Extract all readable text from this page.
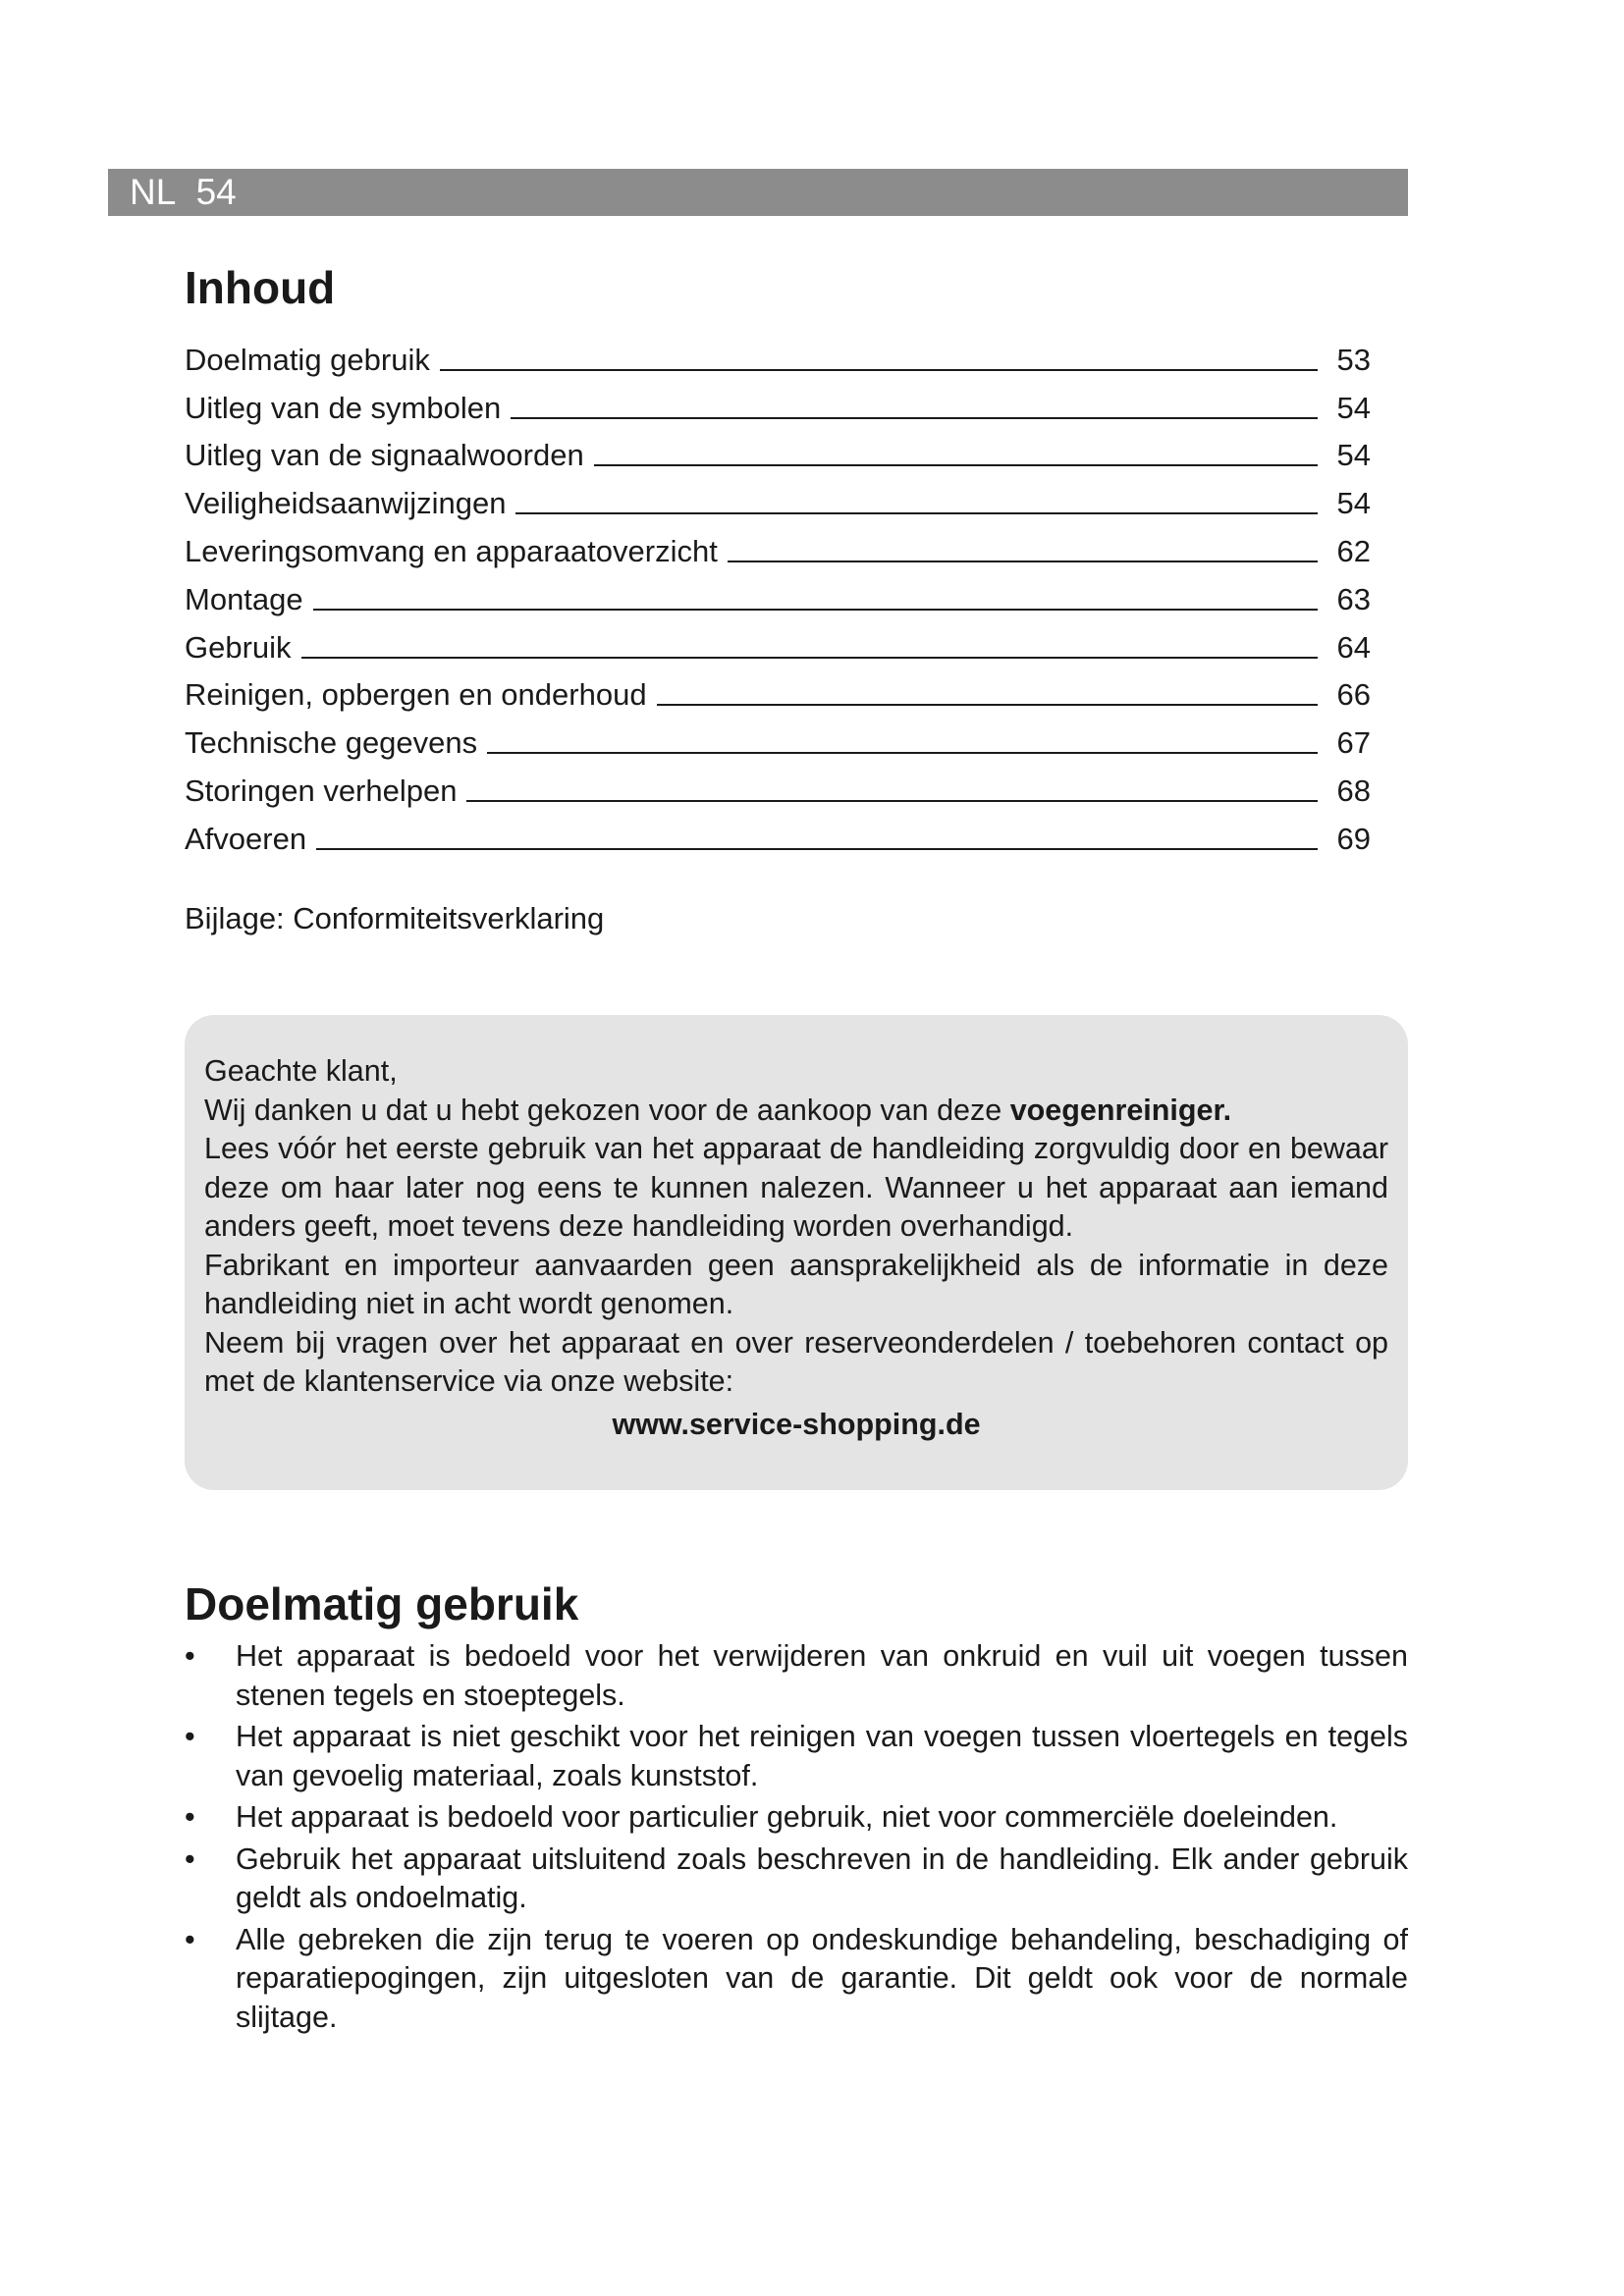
NL 54
Inhoud
Doelmatig gebruik	53
Uitleg van de symbolen	54
Uitleg van de signaalwoorden	54
Veiligheidsaanwijzingen	54
Leveringsomvang en apparaatoverzicht	62
Montage	63
Gebruik	64
Reinigen, opbergen en onderhoud	66
Technische gegevens	67
Storingen verhelpen	68
Afvoeren	69

Bijlage: Conformiteitsverklaring

Geachte klant,

Wij danken u dat u hebt gekozen voor de aankoop van deze voegenreiniger.

Lees vóór het eerste gebruik van het apparaat de handleiding zorgvuldig door en bewaar deze om haar later nog eens te kunnen nalezen. Wanneer u het apparaat aan iemand anders geeft, moet tevens deze handleiding worden overhandigd.

Fabrikant en importeur aanvaarden geen aansprakelijkheid als de informatie in deze handleiding niet in acht wordt genomen.

Neem bij vragen over het apparaat en over reserveonderdelen / toebehoren contact op met de klantenservice via onze website:

www.service-shopping.de

Doelmatig gebruik
• Het apparaat is bedoeld voor het verwijderen van onkruid en vuil uit voegen tussen stenen tegels en stoeptegels.
• Het apparaat is niet geschikt voor het reinigen van voegen tussen vloertegels en tegels van gevoelig materiaal, zoals kunststof.
• Het apparaat is bedoeld voor particulier gebruik, niet voor commerciële doeleinden.
• Gebruik het apparaat uitsluitend zoals beschreven in de handleiding. Elk ander gebruik geldt als ondoelmatig.
• Alle gebreken die zijn terug te voeren op ondeskundige behandeling, beschadiging of reparatiepogingen, zijn uitgesloten van de garantie. Dit geldt ook voor de normale slijtage.
